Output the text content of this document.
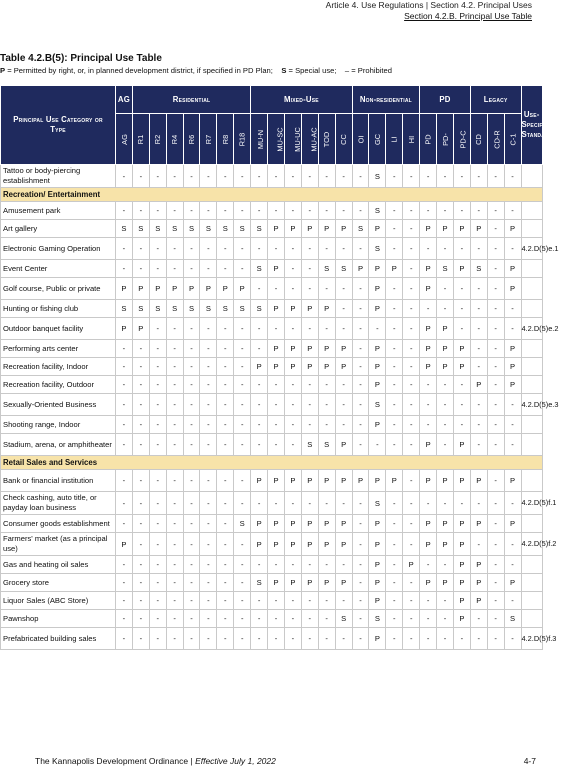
Article 4. Use Regulations | Section 4.2. Principal Uses
Section 4.2.B. Principal Use Table
Table 4.2.B(5): Principal Use Table
P = Permitted by right, or, in planned development district, if specified in PD Plan; S = Special use; – = Prohibited
Principal Use Category or Type	AG	Residential							Mixed-Use						Non-residential				PD			Legacy			Use-Specific Standards
	AG	R1	R2	R4	R6	R7	R8	R18	MU-N	MU-SC	MU-UC	MU-AC	TOD	CC	OI	GC	LI	HI	PD	PD-	PD-C	CD	CD-R	C-1	
Tattoo or body-piercing establishment	-	-	-	-	-	-	-	-	-	-	-	-	-	-	-	S	-	-	-	-	-	-	-	-	
Recreation/ Entertainment																									
Amusement park	-	-	-	-	-	-	-	-	-	-	-	-	-	-	-	S	-	-	-	-	-	-	-	-	
Art gallery	S	S	S	S	S	S	S	S	S	P	P	P	P	P	S	P	-	-	P	P	P	P	-	P	
Electronic Gaming Operation	-	-	-	-	-	-	-	-	-	-	-	-	-	-	-	S	-	-	-	-	-	-	-	-	4.2.D(5)e.1
Event Center	-	-	-	-	-	-	-	-	S	P	-	-	S	S	P	P	P	-	P	S	P	S	-	P	
Golf course, Public or private	P	P	P	P	P	P	P	P	-	-	-	-	-	-	-	P	-	-	P	-	-	-	-	P	
Hunting or fishing club	S	S	S	S	S	S	S	S	S	P	P	P	P	-	-	P	-	-	-	-	-	-	-	-	
Outdoor banquet facility	P	P	-	-	-	-	-	-	-	-	-	-	-	-	-	-	-	-	P	P	-	-	-	-	4.2.D(5)e.2
Performing arts center	-	-	-	-	-	-	-	-	-	P	P	P	P	P	-	P	-	-	P	P	P	-	-	P	
Recreation facility, Indoor	-	-	-	-	-	-	-	-	P	P	P	P	P	P	-	P	-	-	P	P	P	-	-	P	
Recreation facility, Outdoor	-	-	-	-	-	-	-	-	-	-	-	-	-	-	-	P	-	-	-	-	-	P	-	P	
Sexually-Oriented Business	-	-	-	-	-	-	-	-	-	-	-	-	-	-	-	S	-	-	-	-	-	-	-	-	4.2.D(5)e.3
Shooting range, Indoor	-	-	-	-	-	-	-	-	-	-	-	-	-	-	-	P	-	-	-	-	-	-	-	-	
Stadium, arena, or amphitheater	-	-	-	-	-	-	-	-	-	-	-	S	S	P	-	-	-	-	P	-	P	-	-	-	
Retail Sales and Services																									
Bank or financial institution	-	-	-	-	-	-	-	-	P	P	P	P	P	P	P	P	P	-	P	P	P	P	-	P	
Check cashing, auto title, or payday loan business	-	-	-	-	-	-	-	-	-	-	-	-	-	-	-	S	-	-	-	-	-	-	-	-	4.2.D(5)f.1
Consumer goods establishment	-	-	-	-	-	-	-	S	P	P	P	P	P	P	-	P	-	-	P	P	P	P	-	P	
Farmers' market (as a principal use)	P	-	-	-	-	-	-	-	P	P	P	P	P	P	-	P	-	-	P	P	P	-	-	-	4.2.D(5)f.2
Gas and heating oil sales	-	-	-	-	-	-	-	-	-	-	-	-	-	-	-	P	-	P	-	-	P	P	-	-	
Grocery store	-	-	-	-	-	-	-	-	S	P	P	P	P	P	-	P	-	-	P	P	P	P	-	P	
Liquor Sales (ABC Store)	-	-	-	-	-	-	-	-	-	-	-	-	-	-	-	P	-	-	-	-	P	P	-	-	
Pawnshop	-	-	-	-	-	-	-	-	-	-	-	-	-	S	-	S	-	-	-	-	P	-	-	S	
Prefabricated building sales	-	-	-	-	-	-	-	-	-	-	-	-	-	-	-	P	-	-	-	-	-	-	-	-	4.2.D(5)f.3
The Kannapolis Development Ordinance | Effective July 1, 2022	4-7
